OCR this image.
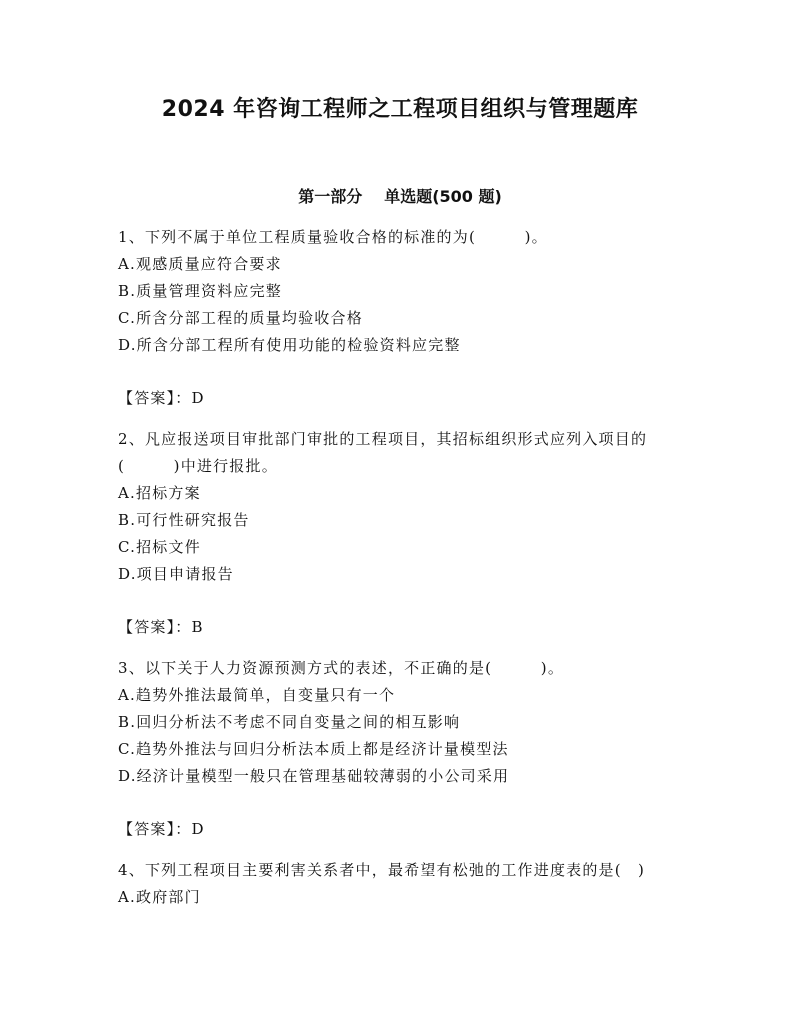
2024 年咨询工程师之工程项目组织与管理题库
第一部分 单选题(500 题)

1、下列不属于单位工程质量验收合格的标准的为(　　　)。

A.观感质量应符合要求

B.质量管理资料应完整

C.所含分部工程的质量均验收合格

D.所含分部工程所有使用功能的检验资料应完整

【答案】：D

2、凡应报送项目审批部门审批的工程项目，其招标组织形式应列入项目的(　　　)中进行报批。

A.招标方案

B.可行性研究报告

C.招标文件

D.项目申请报告

【答案】：B

3、以下关于人力资源预测方式的表述，不正确的是(　　　)。

A.趋势外推法最简单，自变量只有一个

B.回归分析法不考虑不同自变量之间的相互影响

C.趋势外推法与回归分析法本质上都是经济计量模型法

D.经济计量模型一般只在管理基础较薄弱的小公司采用

【答案】：D

4、下列工程项目主要利害关系者中，最希望有松弛的工作进度表的是(　)

A.政府部门
